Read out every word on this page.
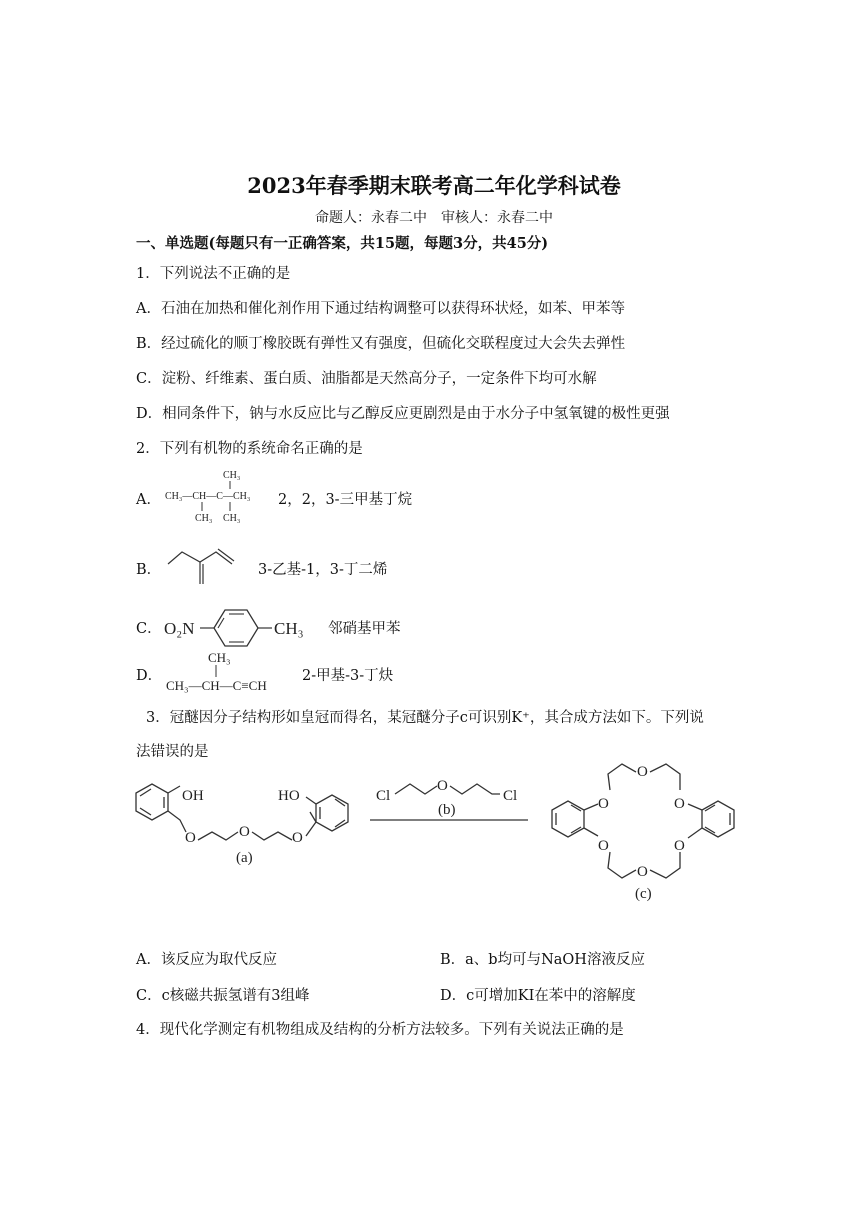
2023年春季期末联考高二年化学科试卷
命题人：永春二中　审核人：永春二中
一、单选题(每题只有一正确答案，共15题，每题3分，共45分)
1．下列说法不正确的是
A．石油在加热和催化剂作用下通过结构调整可以获得环状烃，如苯、甲苯等
B．经过硫化的顺丁橡胶既有弹性又有强度，但硫化交联程度过大会失去弹性
C．淀粉、纤维素、蛋白质、油脂都是天然高分子，一定条件下均可水解
D．相同条件下，钠与水反应比与乙醇反应更剧烈是由于水分子中氢氧键的极性更强
2．下列有机物的系统命名正确的是
A．
CH₃
CH₃—CH—C—CH₃
CH₃ CH₃
2，2，3-三甲基丁烷
B．	3-乙基-1，3-丁二烯
C． O₂N	CH₃ 邻硝基甲苯
D．
CH₃
CH₃—CH—C≡CH
2-甲基-3-丁炔
3．冠醚因分子结构形如皇冠而得名，某冠醚分子c可识别K⁺，其合成方法如下。下列说
法错误的是
OH	HO
O	O	O
(a)
Cl
O
Cl
(b)	O
O
O
O
O
O
(c)
A．该反应为取代反应	B．a、b均可与NaOH溶液反应
C．c核磁共振氢谱有3组峰	D．c可增加KI在苯中的溶解度
4．现代化学测定有机物组成及结构的分析方法较多。下列有关说法正确的是
